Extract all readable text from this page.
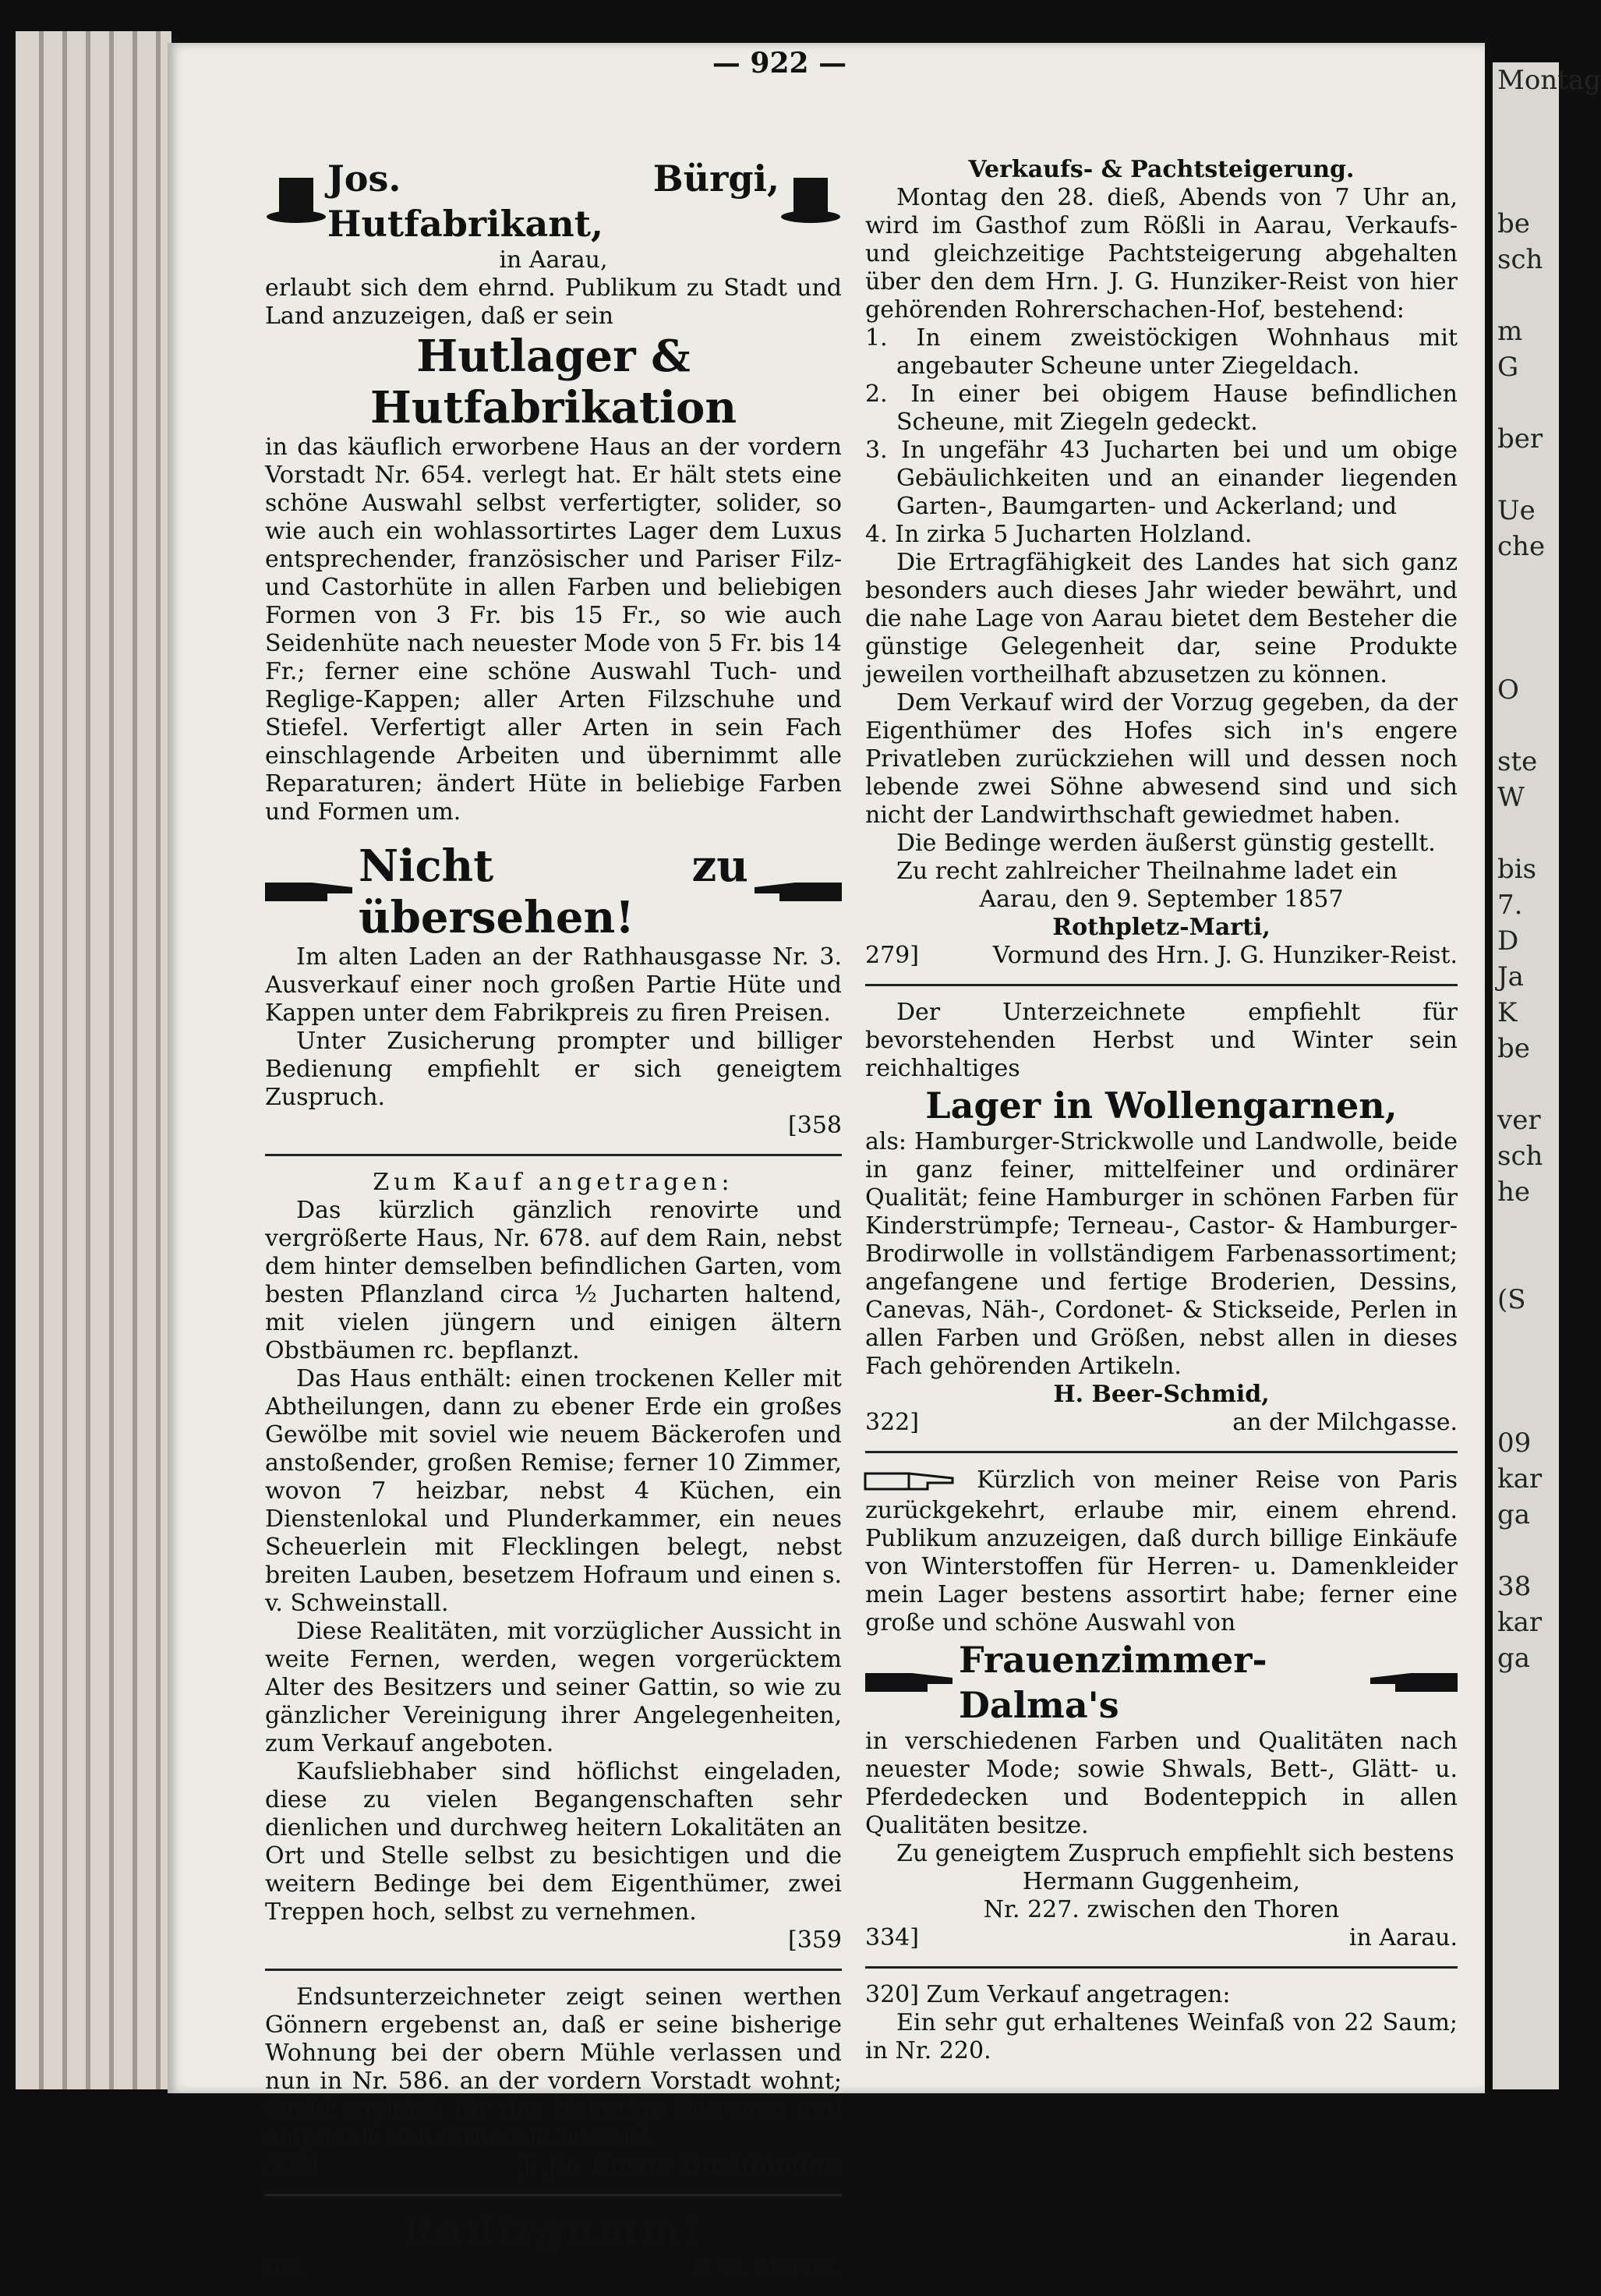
Montag

be
sch

m
G

ber

Ue
che

O

ste
W

bis
7.
D
Ja
K
be

ver
sch
he

(S

09
kar
ga

38
kar
ga
— 922 —
Jos. Bürgi, Hutfabrikant,

in Aarau,

erlaubt sich dem ehrnd. Publikum zu Stadt und Land anzuzeigen, daß er sein

Hutlager & Hutfabrikation

in das käuflich erworbene Haus an der vordern Vorstadt Nr. 654. verlegt hat. Er hält stets eine schöne Auswahl selbst verfertigter, solider, so wie auch ein wohlassortirtes Lager dem Luxus entsprechender, französischer und Pariser Filz- und Castorhüte in allen Farben und beliebigen Formen von 3 Fr. bis 15 Fr., so wie auch Seidenhüte nach neuester Mode von 5 Fr. bis 14 Fr.; ferner eine schöne Auswahl Tuch- und Reglige-Kappen; aller Arten Filzschuhe und Stiefel. Verfertigt aller Arten in sein Fach einschlagende Arbeiten und übernimmt alle Reparaturen; ändert Hüte in beliebige Farben und Formen um.

Nicht zu übersehen!

Im alten Laden an der Rathhausgasse Nr. 3. Ausverkauf einer noch großen Partie Hüte und Kappen unter dem Fabrikpreis zu firen Preisen.

Unter Zusicherung prompter und billiger Bedienung empfiehlt er sich geneigtem Zuspruch.

[358

Zum Kauf angetragen:

Das kürzlich gänzlich renovirte und vergrößerte Haus, Nr. 678. auf dem Rain, nebst dem hinter demselben befindlichen Garten, vom besten Pflanzland circa ½ Jucharten haltend, mit vielen jüngern und einigen ältern Obstbäumen rc. bepflanzt.

Das Haus enthält: einen trockenen Keller mit Abtheilungen, dann zu ebener Erde ein großes Gewölbe mit soviel wie neuem Bäckerofen und anstoßender, großen Remise; ferner 10 Zimmer, wovon 7 heizbar, nebst 4 Küchen, ein Dienstenlokal und Plunderkammer, ein neues Scheuerlein mit Flecklingen belegt, nebst breiten Lauben, besetzem Hofraum und einen s. v. Schweinstall.

Diese Realitäten, mit vorzüglicher Aussicht in weite Fernen, werden, wegen vorgerücktem Alter des Besitzers und seiner Gattin, so wie zu gänzlicher Vereinigung ihrer Angelegenheiten, zum Verkauf angeboten.

Kaufsliebhaber sind höflichst eingeladen, diese zu vielen Begangenschaften sehr dienlichen und durchweg heitern Lokalitäten an Ort und Stelle selbst zu besichtigen und die weitern Bedinge bei dem Eigenthümer, zwei Treppen hoch, selbst zu vernehmen.

[359

Endsunterzeichneter zeigt seinen werthen Gönnern ergebenst an, daß er seine bisherige Wohnung bei der obern Mühle verlassen und nun in Nr. 586. an der vordern Vorstadt wohnt; dankt zugleich für das bisherige Zutrauen und empfiehlt sich fernerhin bestens.

352]	J. Jk. Buser, Buchbinder.

Radirgummi

bei	F. G. Martin.

Verkaufs- & Pachtsteigerung.

Montag den 28. dieß, Abends von 7 Uhr an, wird im Gasthof zum Rößli in Aarau, Verkaufs- und gleichzeitige Pachtsteigerung abgehalten über den dem Hrn. J. G. Hunziker-Reist von hier gehörenden Rohrerschachen-Hof, bestehend:

1. In einem zweistöckigen Wohnhaus mit angebauter Scheune unter Ziegeldach.

2. In einer bei obigem Hause befindlichen Scheune, mit Ziegeln gedeckt.

3. In ungefähr 43 Jucharten bei und um obige Gebäulichkeiten und an einander liegenden Garten-, Baumgarten- und Ackerland; und

4. In zirka 5 Jucharten Holzland.

Die Ertragfähigkeit des Landes hat sich ganz besonders auch dieses Jahr wieder bewährt, und die nahe Lage von Aarau bietet dem Besteher die günstige Gelegenheit dar, seine Produkte jeweilen vortheilhaft abzusetzen zu können.

Dem Verkauf wird der Vorzug gegeben, da der Eigenthümer des Hofes sich in's engere Privatleben zurückziehen will und dessen noch lebende zwei Söhne abwesend sind und sich nicht der Landwirthschaft gewiedmet haben.

Die Bedinge werden äußerst günstig gestellt.

Zu recht zahlreicher Theilnahme ladet ein

Aarau, den 9. September 1857

Rothpletz-Marti,

279]	Vormund des Hrn. J. G. Hunziker-Reist.

Der Unterzeichnete empfiehlt für bevorstehenden Herbst und Winter sein reichhaltiges

Lager in Wollengarnen,

als: Hamburger-Strickwolle und Landwolle, beide in ganz feiner, mittelfeiner und ordinärer Qualität; feine Hamburger in schönen Farben für Kinderstrümpfe; Terneau-, Castor- & Hamburger-Brodirwolle in vollständigem Farbenassortiment; angefangene und fertige Broderien, Dessins, Canevas, Näh-, Cordonet- & Stickseide, Perlen in allen Farben und Größen, nebst allen in dieses Fach gehörenden Artikeln.

H. Beer-Schmid,

322]	an der Milchgasse.

Kürzlich von meiner Reise von Paris zurückgekehrt, erlaube mir, einem ehrend. Publikum anzuzeigen, daß durch billige Einkäufe von Winterstoffen für Herren- u. Damenkleider mein Lager bestens assortirt habe; ferner eine große und schöne Auswahl von

Frauenzimmer-Dalma's

in verschiedenen Farben und Qualitäten nach neuester Mode; sowie Shwals, Bett-, Glätt- u. Pferdedecken und Bodenteppich in allen Qualitäten besitze.

Zu geneigtem Zuspruch empfiehlt sich bestens

Hermann Guggenheim,

Nr. 227. zwischen den Thoren

334]	in Aarau.

320] Zum Verkauf angetragen:

Ein sehr gut erhaltenes Weinfaß von 22 Saum; in Nr. 220.
